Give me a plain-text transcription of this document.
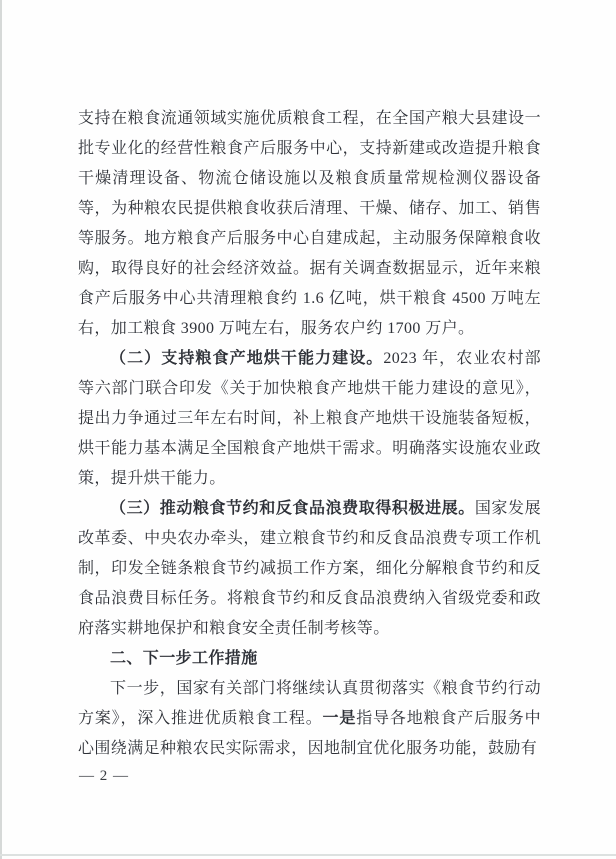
支持在粮食流通领域实施优质粮食工程，在全国产粮大县建设一批专业化的经营性粮食产后服务中心，支持新建或改造提升粮食干燥清理设备、物流仓储设施以及粮食质量常规检测仪器设备等，为种粮农民提供粮食收获后清理、干燥、储存、加工、销售等服务。地方粮食产后服务中心自建成起，主动服务保障粮食收购，取得良好的社会经济效益。据有关调查数据显示，近年来粮食产后服务中心共清理粮食约 1.6 亿吨，烘干粮食 4500 万吨左右，加工粮食 3900 万吨左右，服务农户约 1700 万户。

（二）支持粮食产地烘干能力建设。2023 年，农业农村部等六部门联合印发《关于加快粮食产地烘干能力建设的意见》，提出力争通过三年左右时间，补上粮食产地烘干设施装备短板，烘干能力基本满足全国粮食产地烘干需求。明确落实设施农业政策，提升烘干能力。

（三）推动粮食节约和反食品浪费取得积极进展。国家发展改革委、中央农办牵头，建立粮食节约和反食品浪费专项工作机制，印发全链条粮食节约减损工作方案，细化分解粮食节约和反食品浪费目标任务。将粮食节约和反食品浪费纳入省级党委和政府落实耕地保护和粮食安全责任制考核等。

二、下一步工作措施

下一步，国家有关部门将继续认真贯彻落实《粮食节约行动方案》，深入推进优质粮食工程。一是指导各地粮食产后服务中心围绕满足种粮农民实际需求，因地制宜优化服务功能，鼓励有

— 2 —
